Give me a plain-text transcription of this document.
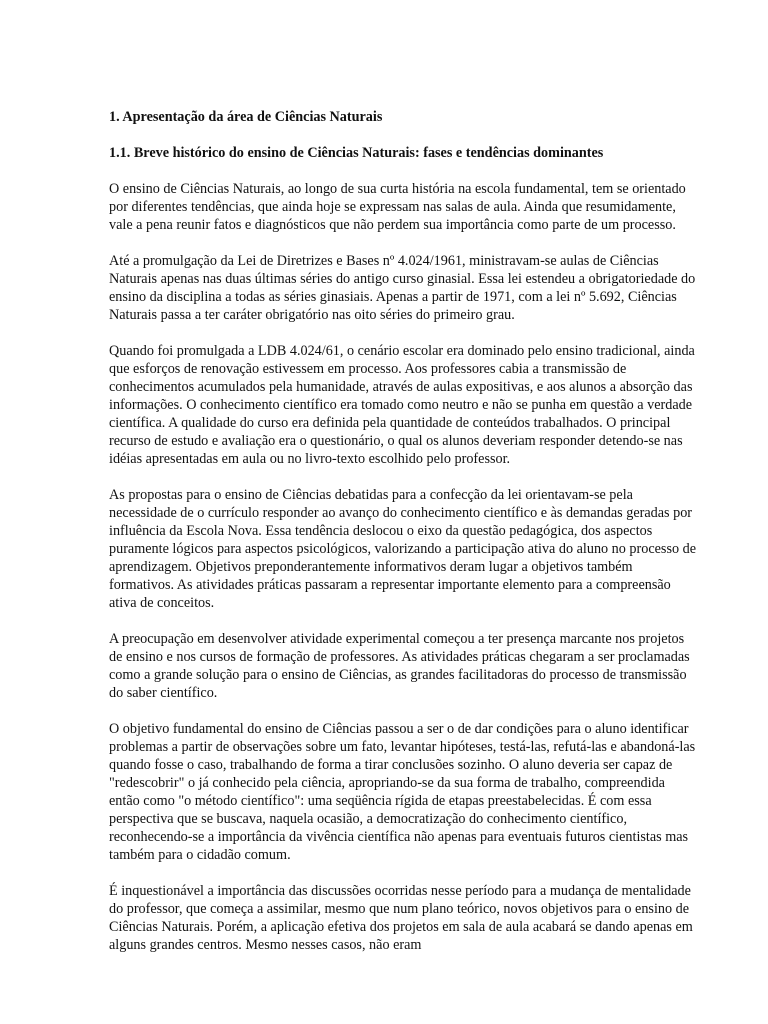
1. Apresentação da área de Ciências Naturais
1.1. Breve histórico do ensino de Ciências Naturais: fases e tendências dominantes

O ensino de Ciências Naturais, ao longo de sua curta história na escola fundamental, tem se orientado por diferentes tendências, que ainda hoje se expressam nas salas de aula. Ainda que resumidamente, vale a pena reunir fatos e diagnósticos que não perdem sua importância como parte de um processo.

Até a promulgação da Lei de Diretrizes e Bases nº 4.024/1961, ministravam-se aulas de Ciências Naturais apenas nas duas últimas séries do antigo curso ginasial. Essa lei estendeu a obrigatoriedade do ensino da disciplina a todas as séries ginasiais. Apenas a partir de 1971, com a lei nº 5.692, Ciências Naturais passa a ter caráter obrigatório nas oito séries do primeiro grau.

Quando foi promulgada a LDB 4.024/61, o cenário escolar era dominado pelo ensino tradicional, ainda que esforços de renovação estivessem em processo. Aos professores cabia a transmissão de conhecimentos acumulados pela humanidade, através de aulas expositivas, e aos alunos a absorção das informações. O conhecimento científico era tomado como neutro e não se punha em questão a verdade científica. A qualidade do curso era definida pela quantidade de conteúdos trabalhados. O principal recurso de estudo e avaliação era o questionário, o qual os alunos deveriam responder detendo-se nas idéias apresentadas em aula ou no livro-texto escolhido pelo professor.

As propostas para o ensino de Ciências debatidas para a confecção da lei orientavam-se pela necessidade de o currículo responder ao avanço do conhecimento científico e às demandas geradas por influência da Escola Nova. Essa tendência deslocou o eixo da questão pedagógica, dos aspectos puramente lógicos para aspectos psicológicos, valorizando a participação ativa do aluno no processo de aprendizagem. Objetivos preponderantemente informativos deram lugar a objetivos também formativos. As atividades práticas passaram a representar importante elemento para a compreensão ativa de conceitos.

A preocupação em desenvolver atividade experimental começou a ter presença marcante nos projetos de ensino e nos cursos de formação de professores. As atividades práticas chegaram a ser proclamadas como a grande solução para o ensino de Ciências, as grandes facilitadoras do processo de transmissão do saber científico.

O objetivo fundamental do ensino de Ciências passou a ser o de dar condições para o aluno identificar problemas a partir de observações sobre um fato, levantar hipóteses, testá-las, refutá-las e abandoná-las quando fosse o caso, trabalhando de forma a tirar conclusões sozinho. O aluno deveria ser capaz de "redescobrir" o já conhecido pela ciência, apropriando-se da sua forma de trabalho, compreendida então como "o método científico": uma seqüência rígida de etapas preestabelecidas. É com essa perspectiva que se buscava, naquela ocasião, a democratização do conhecimento científico, reconhecendo-se a importância da vivência científica não apenas para eventuais futuros cientistas mas também para o cidadão comum.

É inquestionável a importância das discussões ocorridas nesse período para a mudança de mentalidade do professor, que começa a assimilar, mesmo que num plano teórico, novos objetivos para o ensino de Ciências Naturais. Porém, a aplicação efetiva dos projetos em sala de aula acabará se dando apenas em alguns grandes centros. Mesmo nesses casos, não eram
